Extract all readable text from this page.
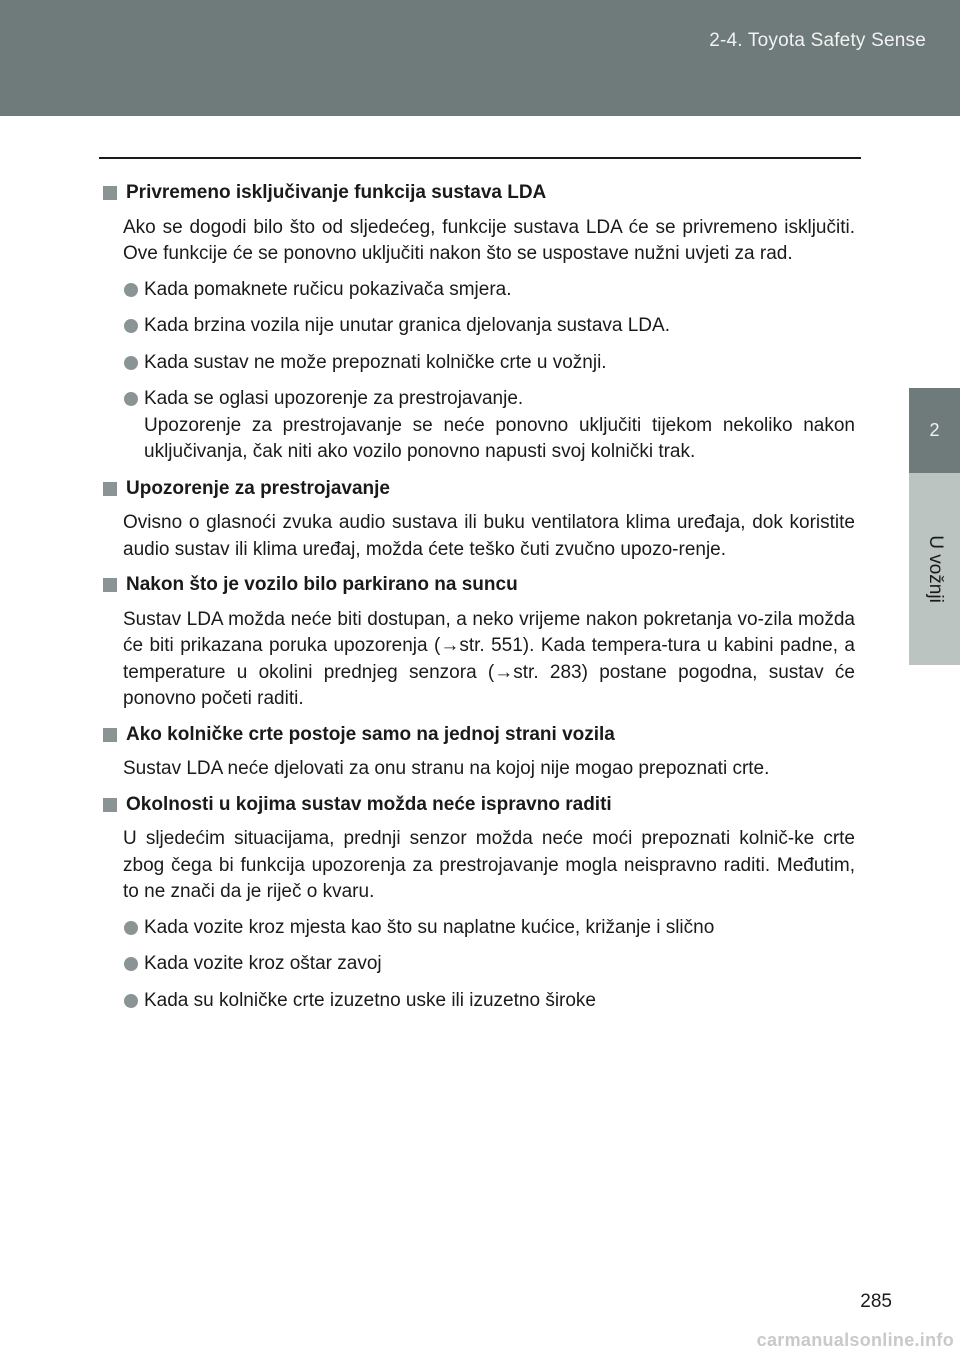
2-4. Toyota Safety Sense
2
U vožnji
Privremeno isključivanje funkcija sustava LDA
Ako se dogodi bilo što od sljedećeg, funkcije sustava LDA će se privremeno isključiti. Ove funkcije će se ponovno uključiti nakon što se uspostave nužni uvjeti za rad.
Kada pomaknete ručicu pokazivača smjera.
Kada brzina vozila nije unutar granica djelovanja sustava LDA.
Kada sustav ne može prepoznati kolničke crte u vožnji.
Kada se oglasi upozorenje za prestrojavanje.
Upozorenje za prestrojavanje se neće ponovno uključiti tijekom nekoliko nakon uključivanja, čak niti ako vozilo ponovno napusti svoj kolnički trak.
Upozorenje za prestrojavanje
Ovisno o glasnoći zvuka audio sustava ili buku ventilatora klima uređaja, dok koristite audio sustav ili klima uređaj, možda ćete teško čuti zvučno upozo-renje.
Nakon što je vozilo bilo parkirano na suncu
Sustav LDA možda neće biti dostupan, a neko vrijeme nakon pokretanja vo-zila možda će biti prikazana poruka upozorenja (→str. 551). Kada tempera-tura u kabini padne, a temperature u okolini prednjeg senzora (→str. 283) postane pogodna, sustav će ponovno početi raditi.
Ako kolničke crte postoje samo na jednoj strani vozila
Sustav LDA neće djelovati za onu stranu na kojoj nije mogao prepoznati crte.
Okolnosti u kojima sustav možda neće ispravno raditi
U sljedećim situacijama, prednji senzor možda neće moći prepoznati kolnič-ke crte zbog čega bi funkcija upozorenja za prestrojavanje mogla neispravno raditi. Međutim, to ne znači da je riječ o kvaru.
Kada vozite kroz mjesta kao što su naplatne kućice, križanje i slično
Kada vozite kroz oštar zavoj
Kada su kolničke crte izuzetno uske ili izuzetno široke
285
carmanualsonline.info
